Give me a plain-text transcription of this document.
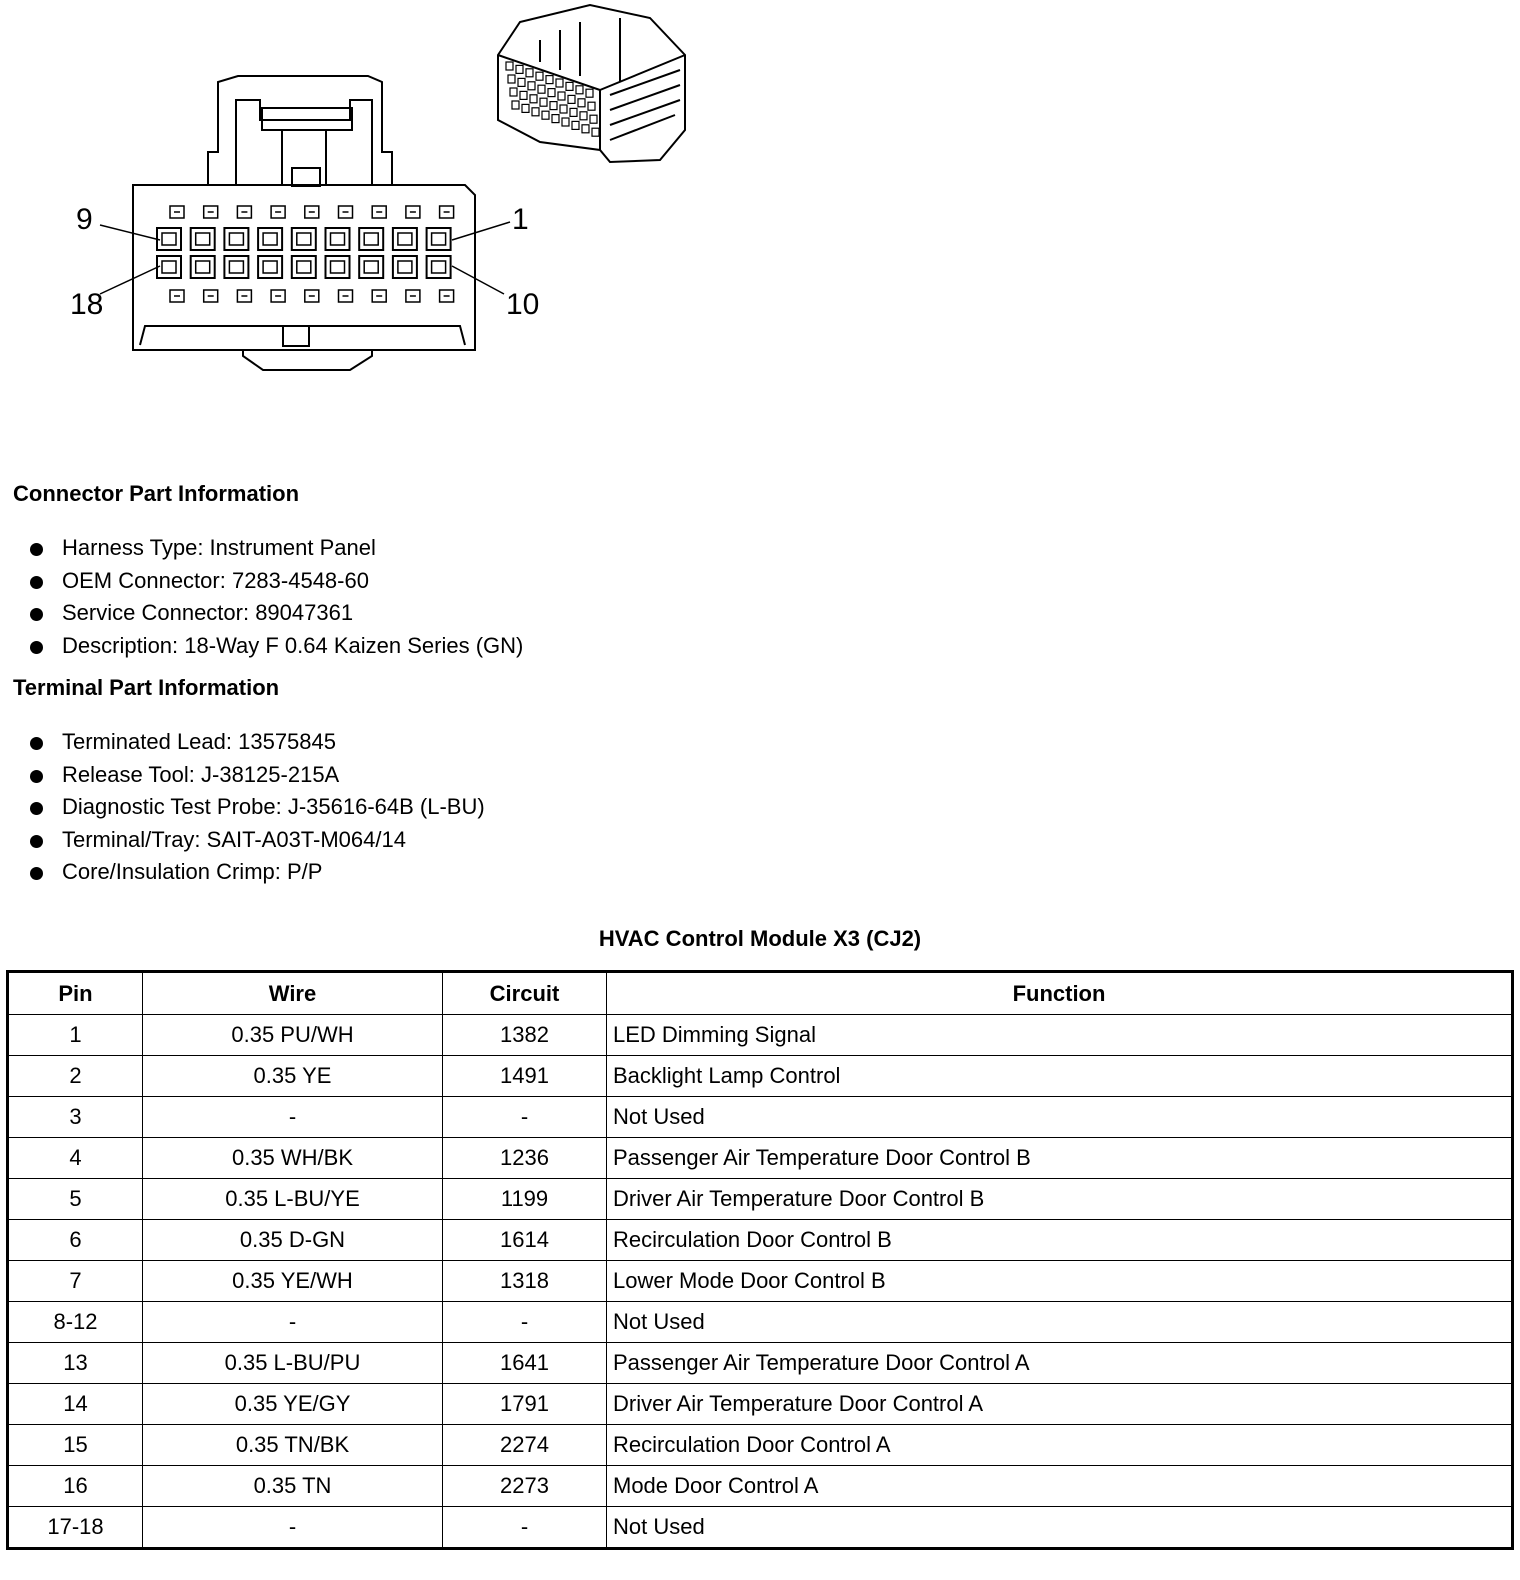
9	1
18	10
Connector Part Information
Harness Type: Instrument Panel
OEM Connector: 7283-4548-60
Service Connector: 89047361
Description: 18-Way F 0.64 Kaizen Series (GN)
Terminal Part Information
Terminated Lead: 13575845
Release Tool: J-38125-215A
Diagnostic Test Probe: J-35616-64B (L-BU)
Terminal/Tray: SAIT-A03T-M064/14
Core/Insulation Crimp: P/P
HVAC Control Module X3 (CJ2)
Pin	Wire	Circuit	Function
1	0.35 PU/WH	1382	LED Dimming Signal
2	0.35 YE	1491	Backlight Lamp Control
3	-	-	Not Used
4	0.35 WH/BK	1236	Passenger Air Temperature Door Control B
5	0.35 L-BU/YE	1199	Driver Air Temperature Door Control B
6	0.35 D-GN	1614	Recirculation Door Control B
7	0.35 YE/WH	1318	Lower Mode Door Control B
8-12	-	-	Not Used
13	0.35 L-BU/PU	1641	Passenger Air Temperature Door Control A
14	0.35 YE/GY	1791	Driver Air Temperature Door Control A
15	0.35 TN/BK	2274	Recirculation Door Control A
16	0.35 TN	2273	Mode Door Control A
17-18	-	-	Not Used
